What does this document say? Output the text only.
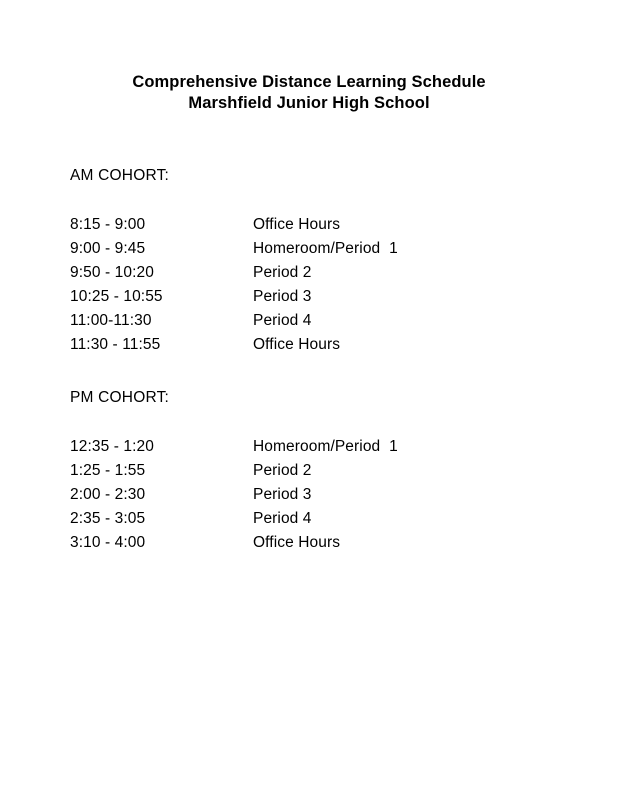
Comprehensive Distance Learning Schedule
Marshfield Junior High School
AM COHORT:
8:15 - 9:00	Office Hours
9:00 - 9:45	Homeroom/Period  1
9:50 - 10:20	Period 2
10:25 - 10:55	Period 3
11:00-11:30	Period 4
11:30 - 11:55	Office Hours
PM COHORT:
12:35 - 1:20	Homeroom/Period  1
1:25 - 1:55	Period 2
2:00 - 2:30	Period 3
2:35 - 3:05	Period 4
3:10 - 4:00	Office Hours
